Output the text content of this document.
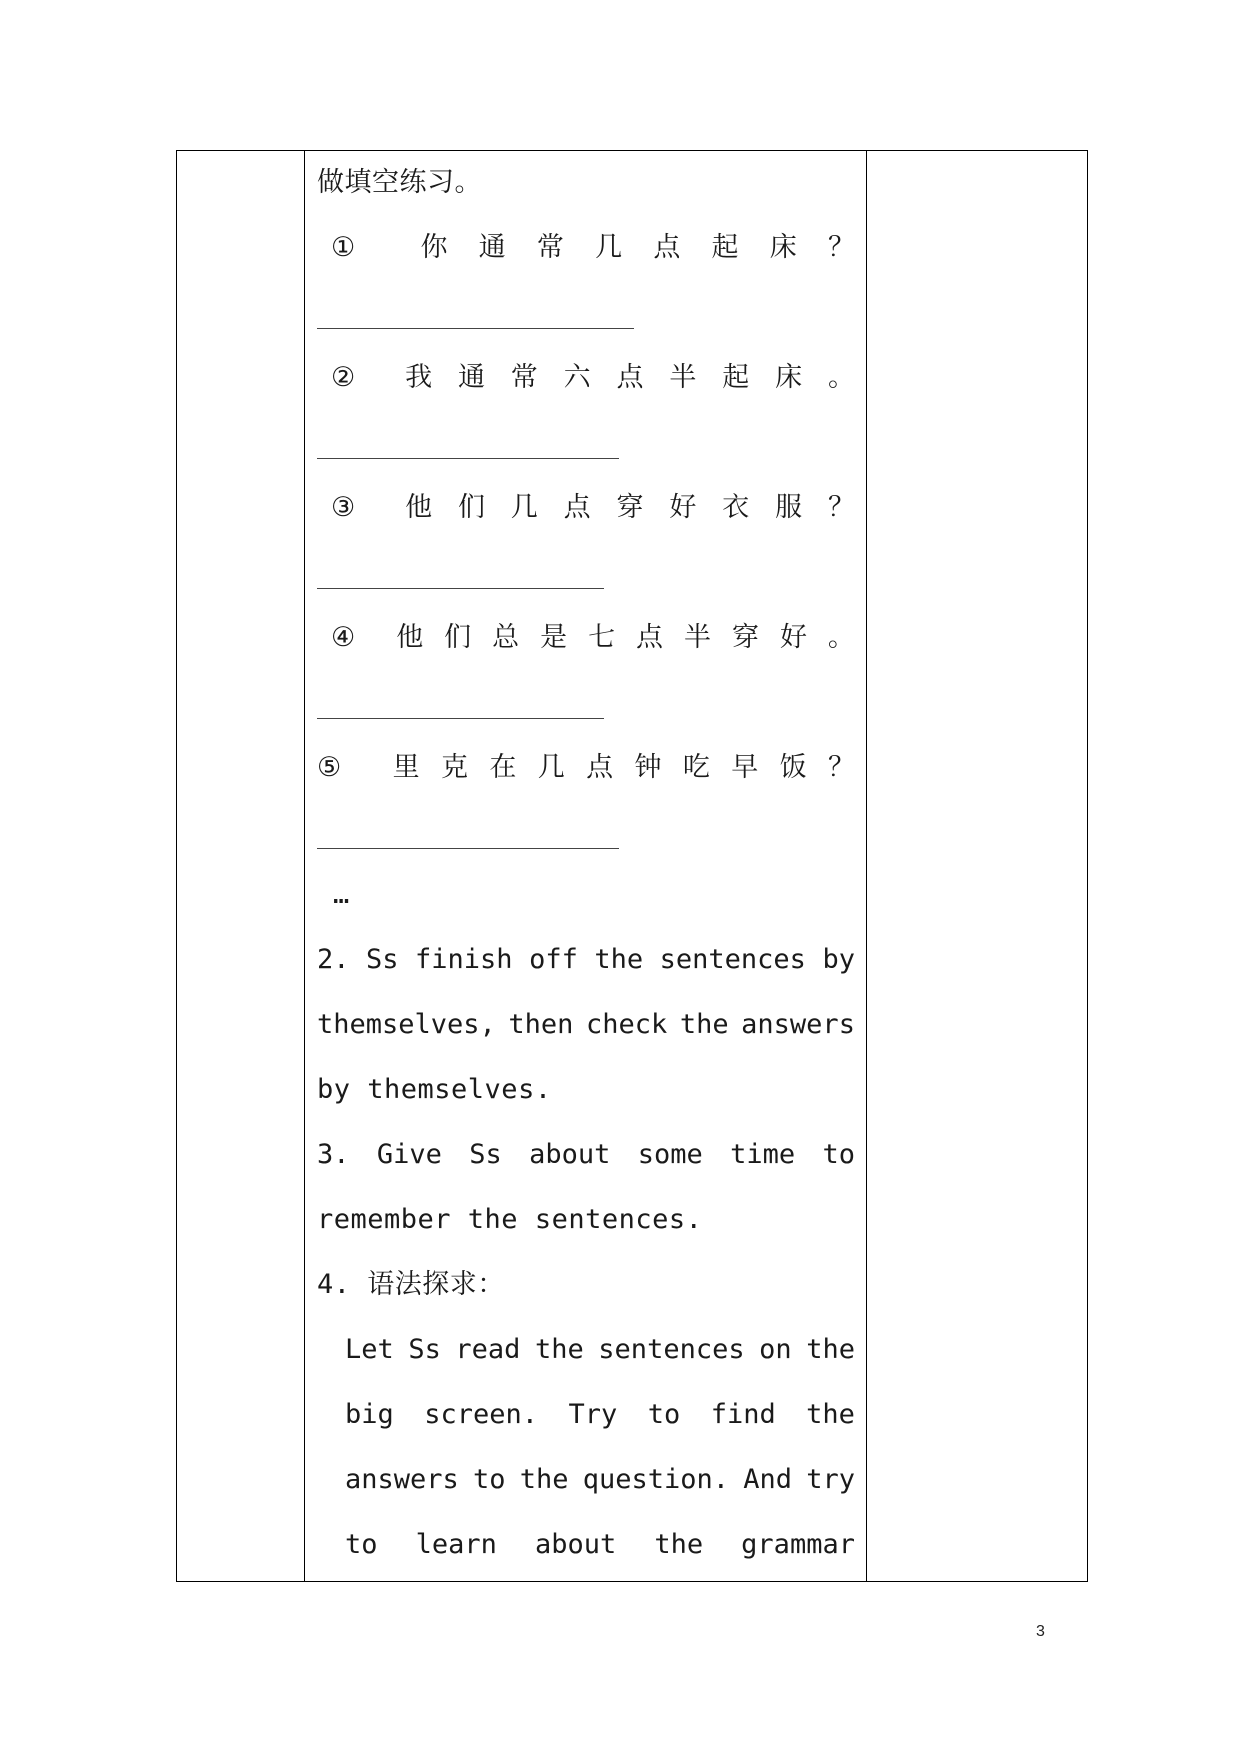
做填空练习。
① 你 通 常 几 点 起 床 ？
② 我 通 常 六 点 半 起 床 。
③ 他 们 几 点 穿 好 衣 服 ？
④ 他 们 总 是 七 点 半 穿 好 。
⑤ 里 克 在 几 点 钟 吃 早 饭 ？
…
2. Ss finish off the sentences by
themselves, then check the answers
by themselves.
3. Give Ss about some time to
remember the sentences.
4. 语法探求：
Let Ss read the sentences on the
big screen. Try to find the
answers to the question. And try
to learn about the grammar
3
